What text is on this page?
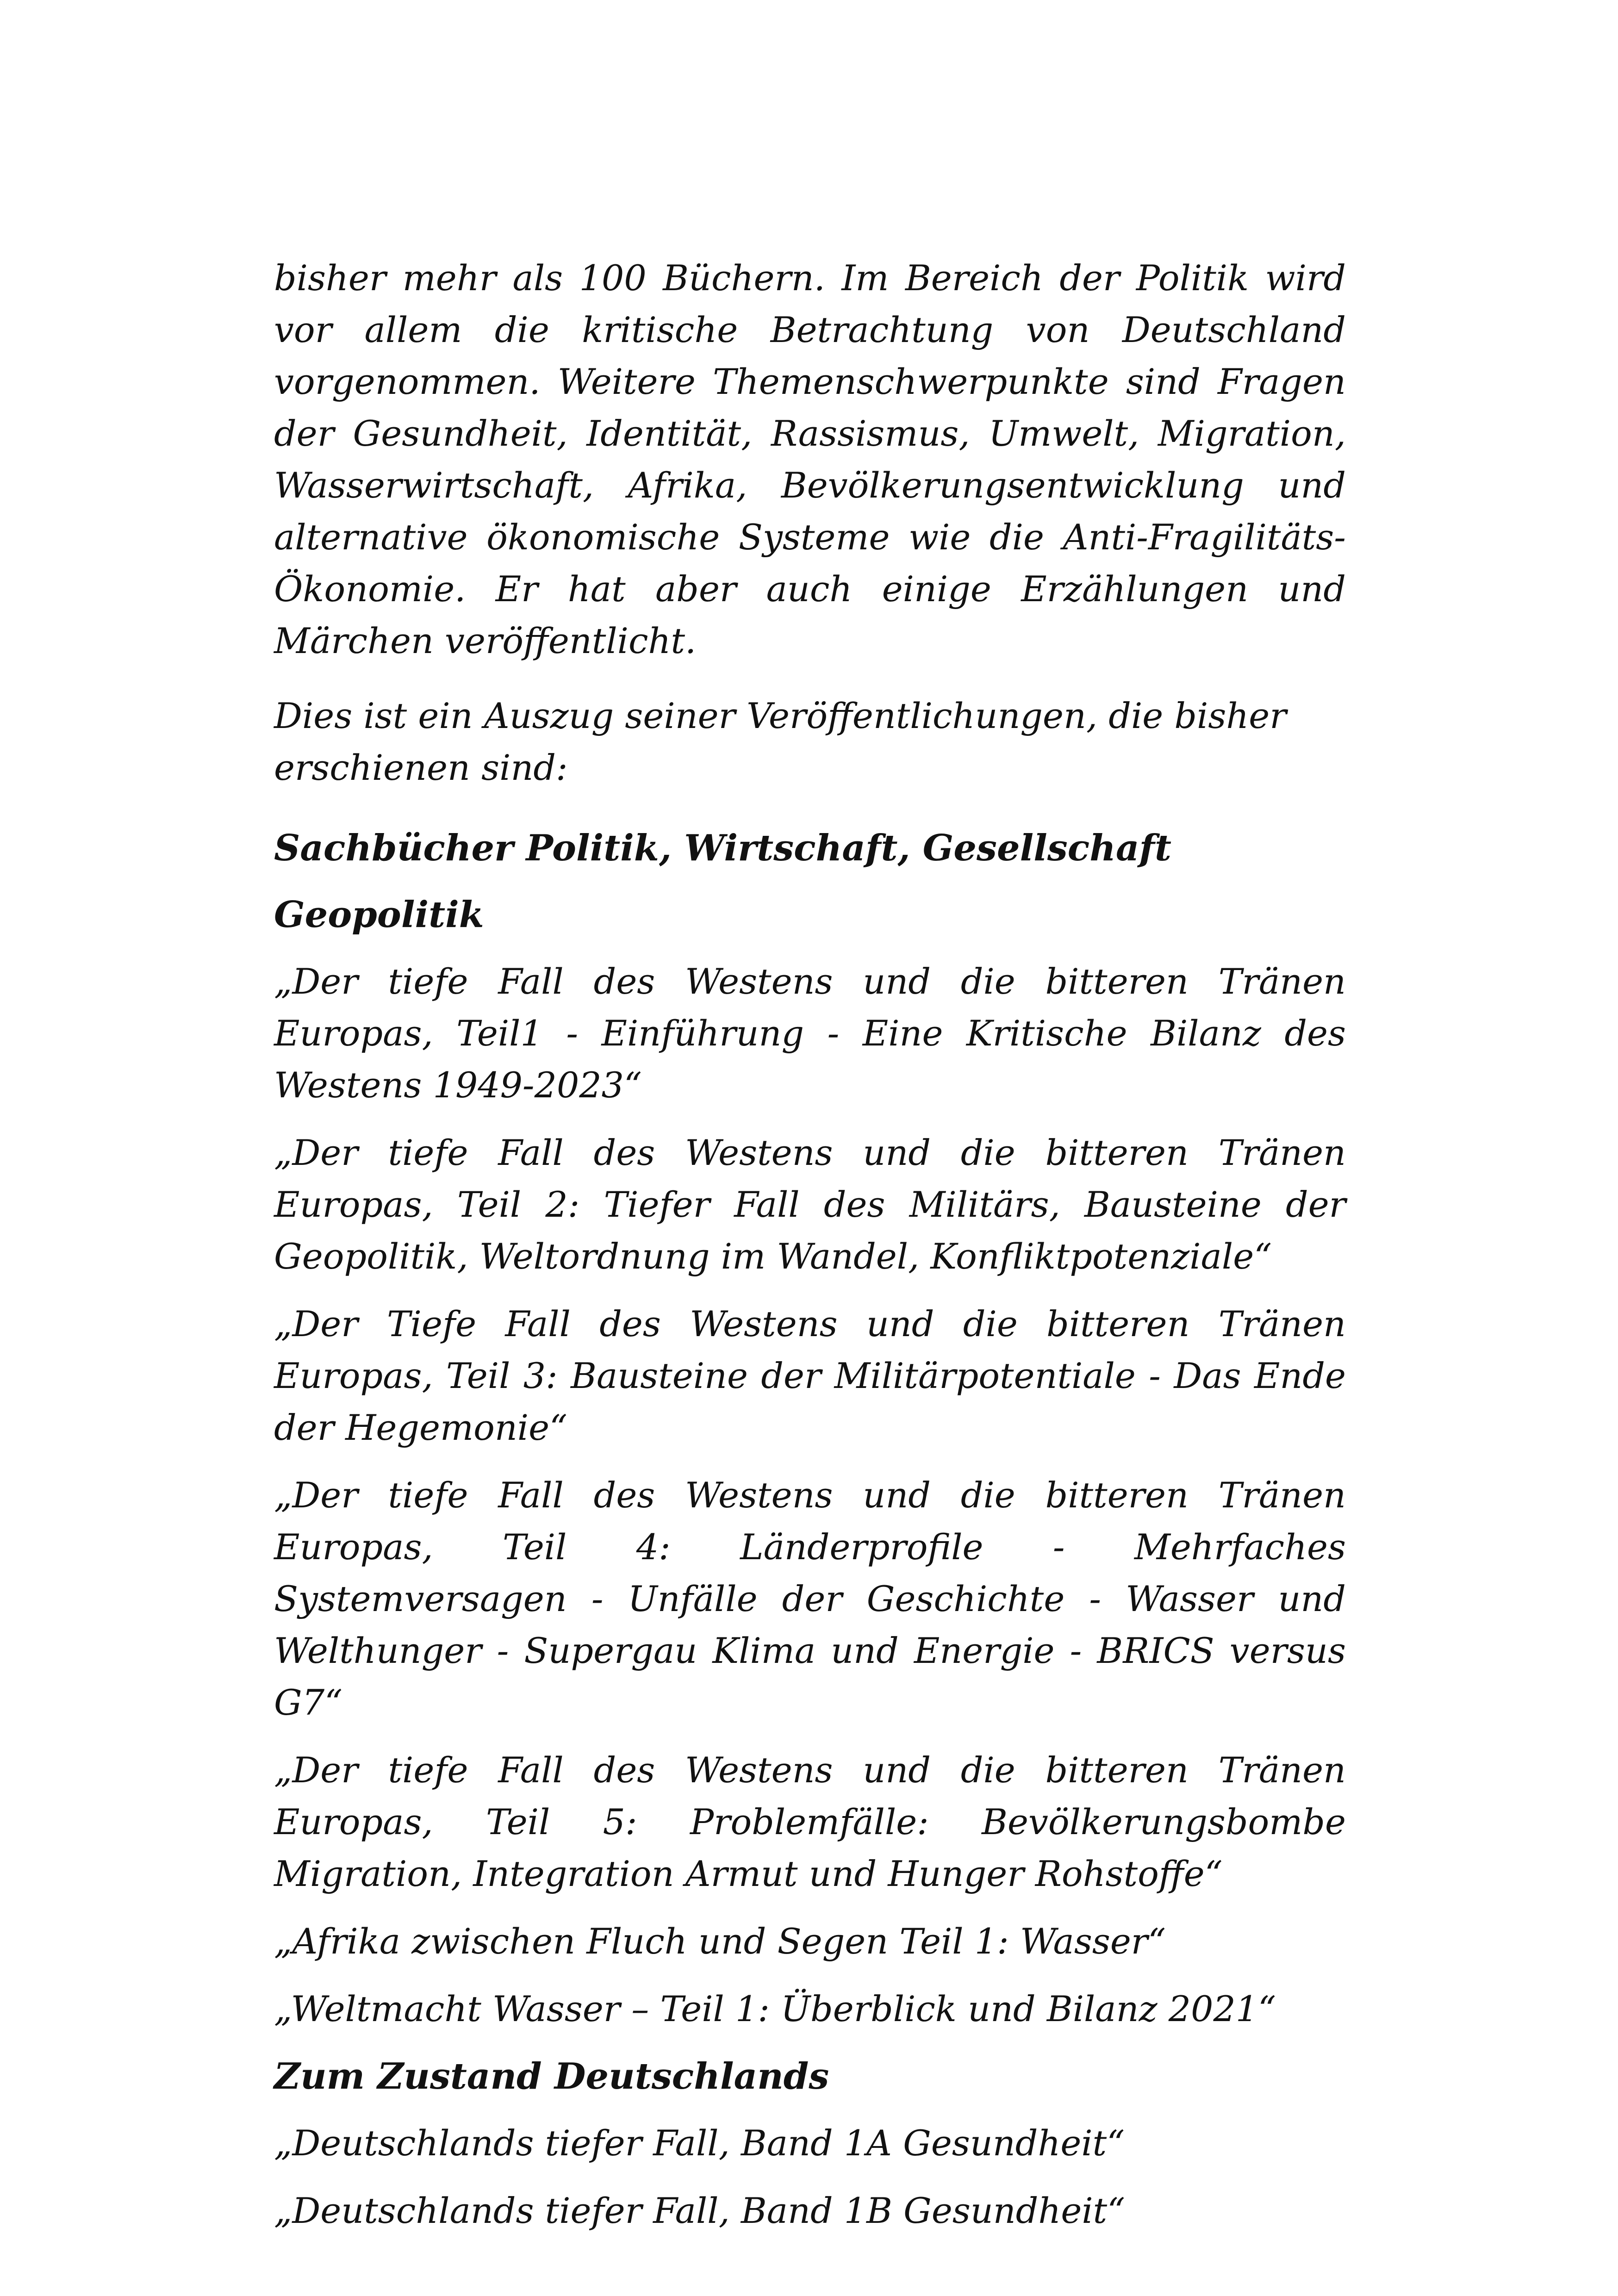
bisher mehr als 100 Büchern. Im Bereich der Politik wird vor allem die kritische Betrachtung von Deutschland vorgenommen. Weitere Themenschwerpunkte sind Fragen der Gesundheit, Identität, Rassismus, Umwelt, Migration, Wasserwirtschaft, Afrika, Bevölkerungsentwicklung und alternative ökonomische Systeme wie die Anti-Fragilitäts-Ökonomie. Er hat aber auch einige Erzählungen und Märchen veröffentlicht.

Dies ist ein Auszug seiner Veröffentlichungen, die bisher erschienen sind:

Sachbücher Politik, Wirtschaft, Gesellschaft
Geopolitik

„Der tiefe Fall des Westens und die bitteren Tränen Europas, Teil1 - Einführung - Eine Kritische Bilanz des Westens 1949-2023“

„Der tiefe Fall des Westens und die bitteren Tränen Europas, Teil 2: Tiefer Fall des Militärs, Bausteine der Geopolitik, Weltordnung im Wandel, Konfliktpotenziale“

„Der Tiefe Fall des Westens und die bitteren Tränen Europas, Teil 3: Bausteine der Militärpotentiale - Das Ende der Hegemonie“

„Der tiefe Fall des Westens und die bitteren Tränen Europas, Teil 4: Länderprofile - Mehrfaches Systemversagen - Unfälle der Geschichte - Wasser und Welthunger - Supergau Klima und Energie - BRICS versus G7“

„Der tiefe Fall des Westens und die bitteren Tränen Europas, Teil 5: Problemfälle: Bevölkerungsbombe Migration, Integration Armut und Hunger Rohstoffe“

„Afrika zwischen Fluch und Segen Teil 1: Wasser“

„Weltmacht Wasser – Teil 1: Überblick und Bilanz 2021“

Zum Zustand Deutschlands

„Deutschlands tiefer Fall, Band 1A Gesundheit“

„Deutschlands tiefer Fall, Band 1B Gesundheit“
